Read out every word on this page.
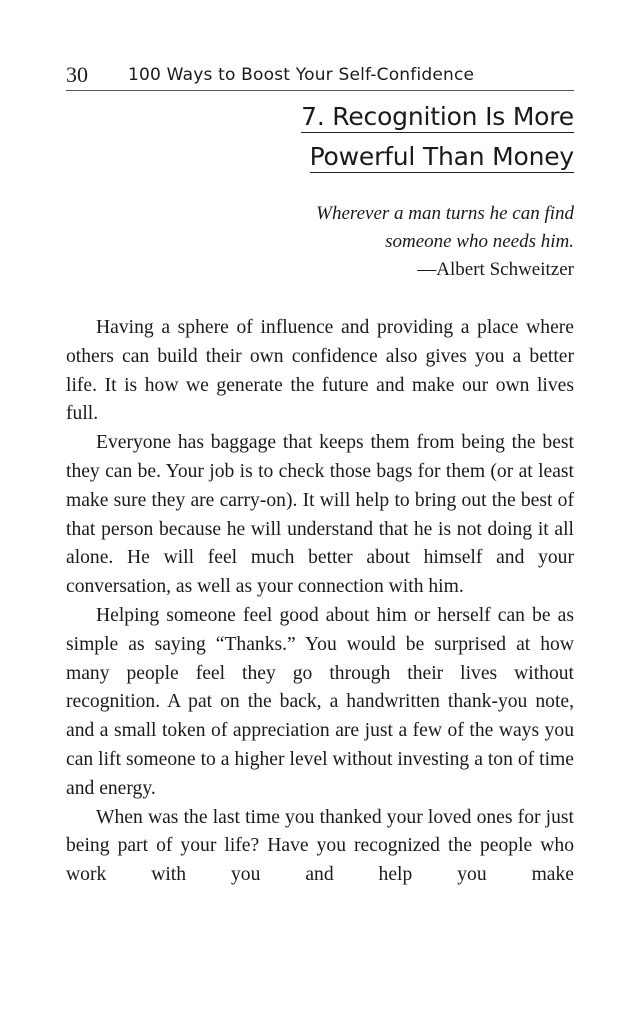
30 100 Ways to Boost Your Self-Confidence
7. Recognition Is More
Powerful Than Money
Wherever a man turns he can find
someone who needs him.
—Albert Schweitzer

Having a sphere of influence and providing a place where others can build their own confidence also gives you a better life. It is how we generate the future and make our own lives full.

Everyone has baggage that keeps them from being the best they can be. Your job is to check those bags for them (or at least make sure they are carry-on). It will help to bring out the best of that person because he will understand that he is not doing it all alone. He will feel much better about himself and your conversation, as well as your connection with him.

Helping someone feel good about him or herself can be as simple as saying “Thanks.” You would be surprised at how many people feel they go through their lives without recognition. A pat on the back, a handwritten thank-you note, and a small token of appreciation are just a few of the ways you can lift someone to a higher level without investing a ton of time and energy.

When was the last time you thanked your loved ones for just being part of your life? Have you recognized the people who work with you and help you make
